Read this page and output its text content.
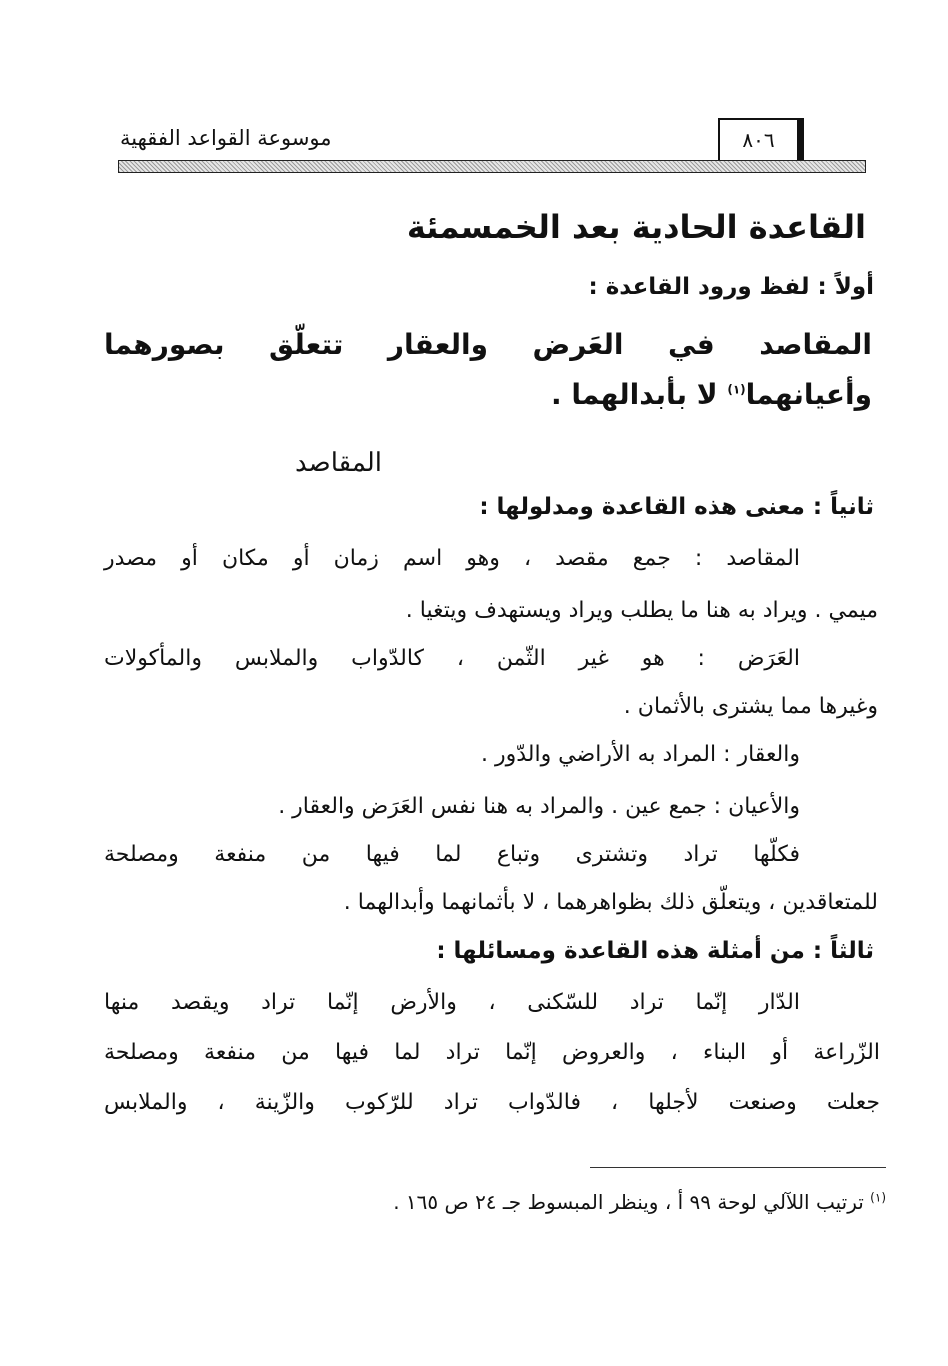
موسوعة القواعد الفقهية	٨٠٦
القاعدة الحادية بعد الخمسمئة
أولاً : لفظ ورود القاعدة :
المقاصد في العَرض والعقار تتعلّق بصورهما
وأعيانهما$^{(١)}$ لا بأبدالهما .
المقاصد
ثانياً : معنى هذه القاعدة ومدلولها :
المقاصد : جمع مقصد ، وهو اسم زمان أو مكان أو مصدر
ميمي . ويراد به هنا ما يطلب ويراد ويستهدف ويتغيا .
العَرَض : هو غير الثّمن ، كالدّواب والملابس والمأكولات
وغيرها مما يشترى بالأثمان .
والعقار : المراد به الأراضي والدّور .
والأعيان : جمع عين . والمراد به هنا نفس العَرَض والعقار .
فكلّها تراد وتشترى وتباع لما فيها من منفعة ومصلحة
للمتعاقدين ، ويتعلّق ذلك بظواهرهما ، لا بأثمانهما وأبدالهما .
ثالثاً : من أمثلة هذه القاعدة ومسائلها :
الدّار إنّما تراد للسّكنى ، والأرض إنّما تراد ويقصد منها
الزّراعة أو البناء ، والعروض إنّما تراد لما فيها من منفعة ومصلحة
جعلت وصنعت لأجلها ، فالدّواب تراد للرّكوب والزّينة ، والملابس
$^{(١)}$ ترتيب اللآلي لوحة ٩٩ أ ، وينظر المبسوط جـ ٢٤ ص ١٦٥ .
